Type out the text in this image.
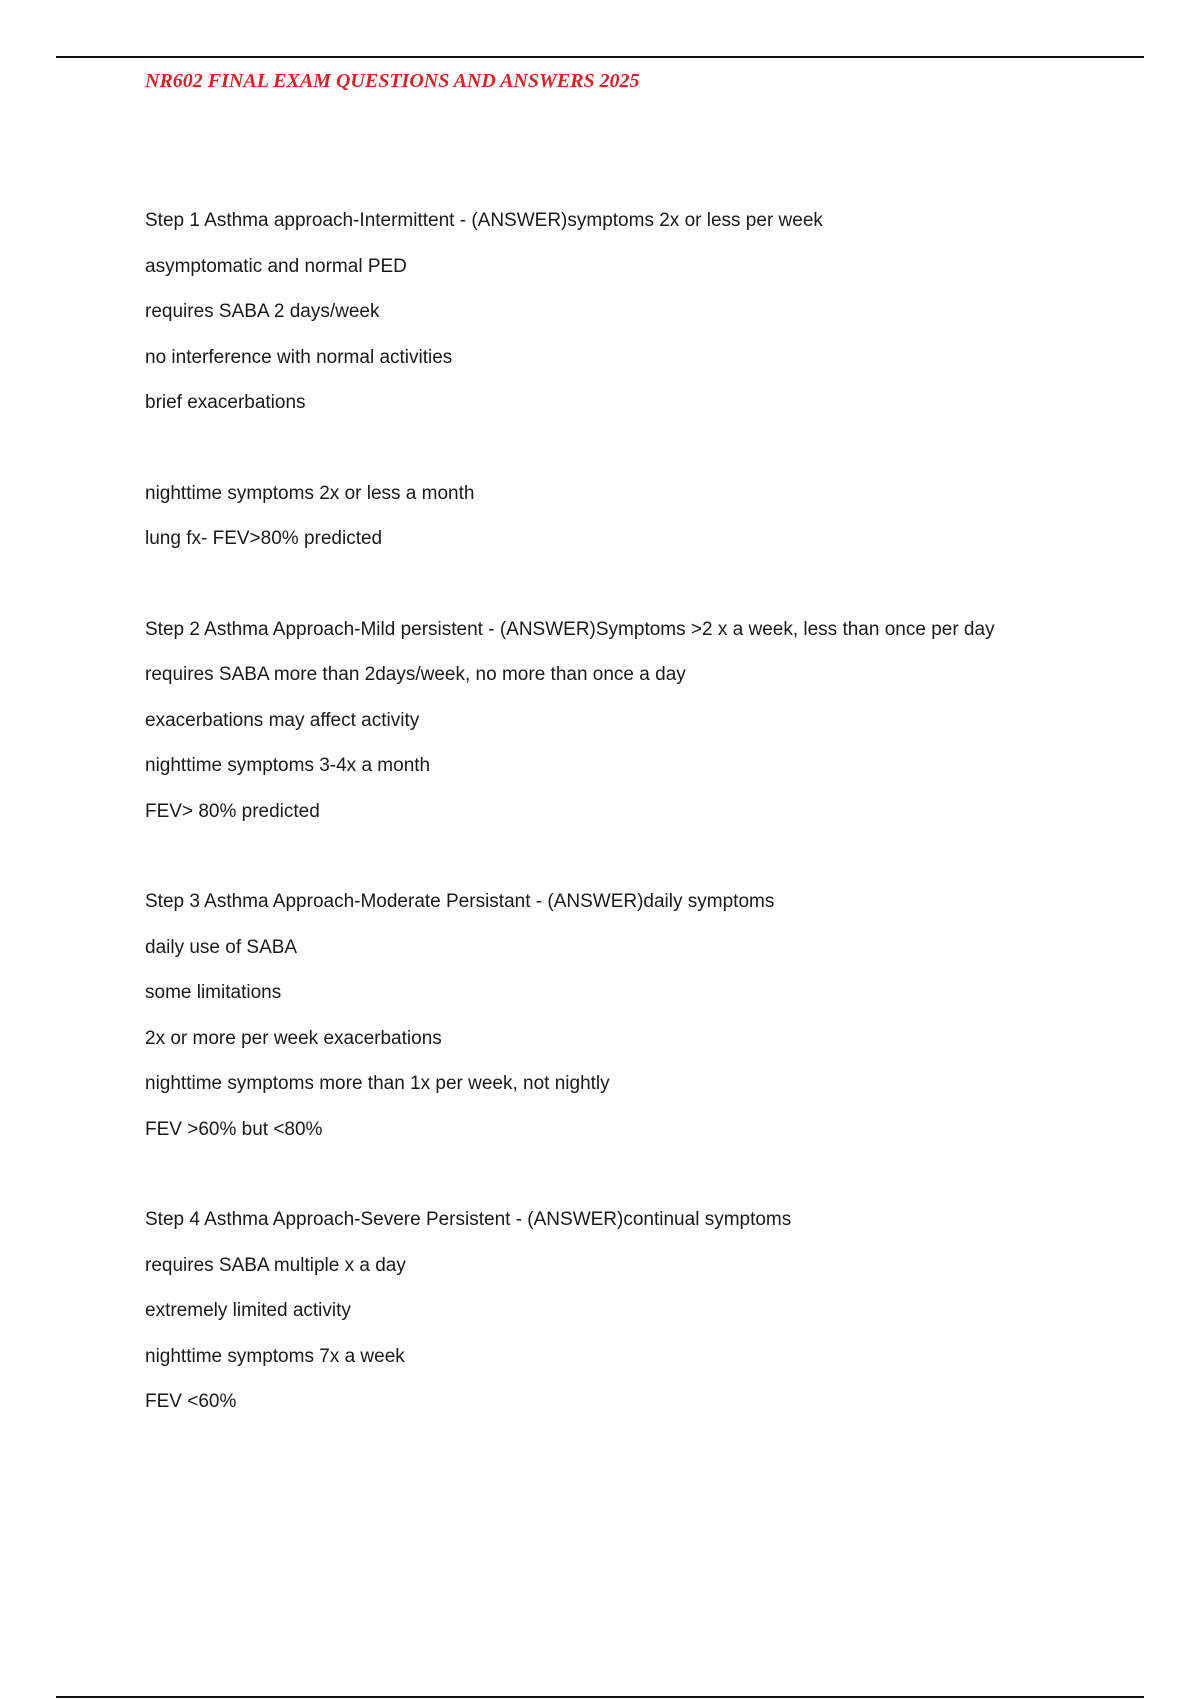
NR602 FINAL EXAM QUESTIONS AND ANSWERS 2025
Step 1 Asthma approach-Intermittent - (ANSWER)symptoms 2x or less per week
asymptomatic and normal PED
requires SABA 2 days/week
no interference with normal activities
brief exacerbations
nighttime symptoms 2x or less a month
lung fx- FEV>80% predicted
Step 2 Asthma Approach-Mild persistent - (ANSWER)Symptoms >2 x a week, less than once per day
requires SABA more than 2days/week, no more than once a day
exacerbations may affect activity
nighttime symptoms 3-4x a month
FEV> 80% predicted
Step 3 Asthma Approach-Moderate Persistant - (ANSWER)daily symptoms
daily use of SABA
some limitations
2x or more per week exacerbations
nighttime symptoms more than 1x per week, not nightly
FEV >60% but <80%
Step 4 Asthma Approach-Severe Persistent - (ANSWER)continual symptoms
requires SABA multiple x a day
extremely limited activity
nighttime symptoms 7x a week
FEV <60%
